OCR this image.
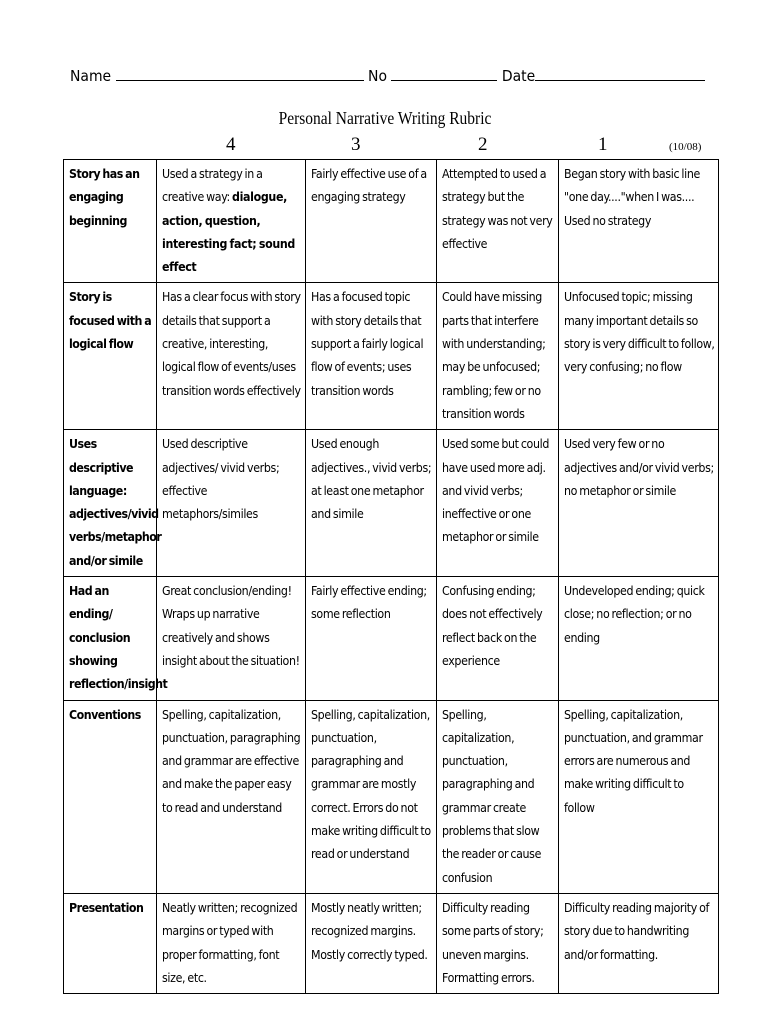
Name	No	Date
Personal Narrative Writing Rubric
4	3	2	1	(10/08)
Story has an engaging beginning	Used a strategy in a creative way: dialogue, action, question, interesting fact; sound effect	Fairly effective use of a engaging strategy	Attempted to used a strategy but the strategy was not very effective	Began story with basic line "one day...."when I was.... Used no strategy
Story is focused with a logical flow	Has a clear focus with story details that support a creative, interesting, logical flow of events/uses transition words effectively	Has a focused topic with story details that support a fairly logical flow of events; uses transition words	Could have missing parts that interfere with understanding; may be unfocused; rambling; few or no transition words	Unfocused topic; missing many important details so story is very difficult to follow, very confusing; no flow
Uses descriptive language: adjectives/vivid verbs/metaphor and/or simile	Used descriptive adjectives/ vivid verbs; effective metaphors/similes	Used enough adjectives., vivid verbs; at least one metaphor and simile	Used some but could have used more adj. and vivid verbs; ineffective or one metaphor or simile	Used very few or no adjectives and/or vivid verbs; no metaphor or simile
Had an ending/ conclusion showing reflection/insight	Great conclusion/ending! Wraps up narrative creatively and shows insight about the situation!	Fairly effective ending; some reflection	Confusing ending; does not effectively reflect back on the experience	Undeveloped ending; quick close; no reflection; or no ending
Conventions	Spelling, capitalization, punctuation, paragraphing and grammar are effective and make the paper easy to read and understand	Spelling, capitalization, punctuation, paragraphing and grammar are mostly correct. Errors do not make writing difficult to read or understand	Spelling, capitalization, punctuation, paragraphing and grammar create problems that slow the reader or cause confusion	Spelling, capitalization, punctuation, and grammar errors are numerous and make writing difficult to follow
Presentation	Neatly written; recognized margins or typed with proper formatting, font size, etc.	Mostly neatly written; recognized margins. Mostly correctly typed.	Difficulty reading some parts of story; uneven margins. Formatting errors.	Difficulty reading majority of story due to handwriting and/or formatting.
